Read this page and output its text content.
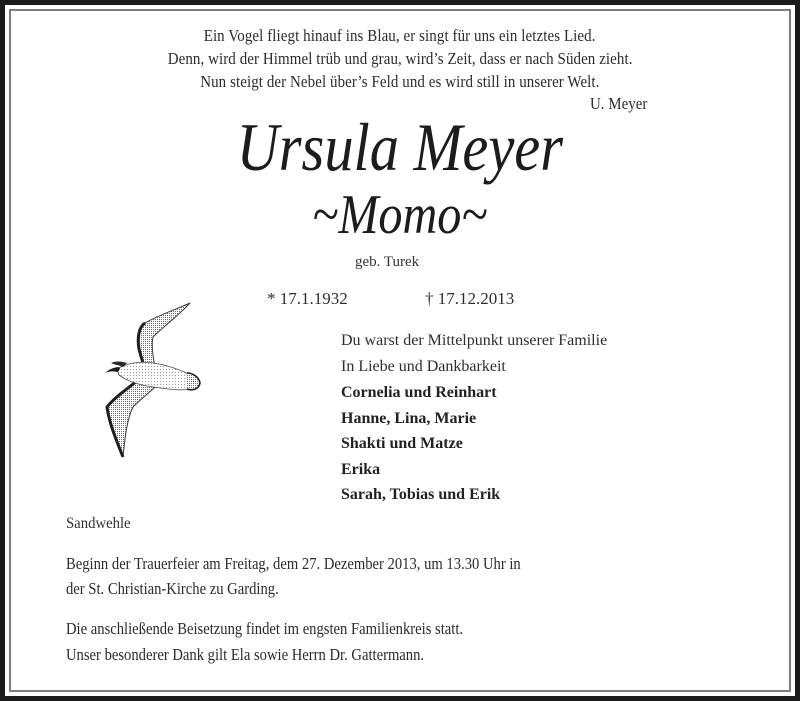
Ein Vogel fliegt hinauf ins Blau, er singt für uns ein letztes Lied.
Denn, wird der Himmel trüb und grau, wird’s Zeit, dass er nach Süden zieht.
Nun steigt der Nebel über’s Feld und es wird still in unserer Welt.
U. Meyer
Ursula Meyer
~Momo~
geb. Turek
* 17.1.1932	† 17.12.2013
Du warst der Mittelpunkt unserer Familie
In Liebe und Dankbarkeit
Cornelia und Reinhart
Hanne, Lina, Marie
Shakti und Matze
Erika
Sarah, Tobias und Erik
Sandwehle
Beginn der Trauerfeier am Freitag, dem 27. Dezember 2013, um 13.30 Uhr in
der St. Christian-Kirche zu Garding.
Die anschließende Beisetzung findet im engsten Familienkreis statt.
Unser besonderer Dank gilt Ela sowie Herrn Dr. Gattermann.
